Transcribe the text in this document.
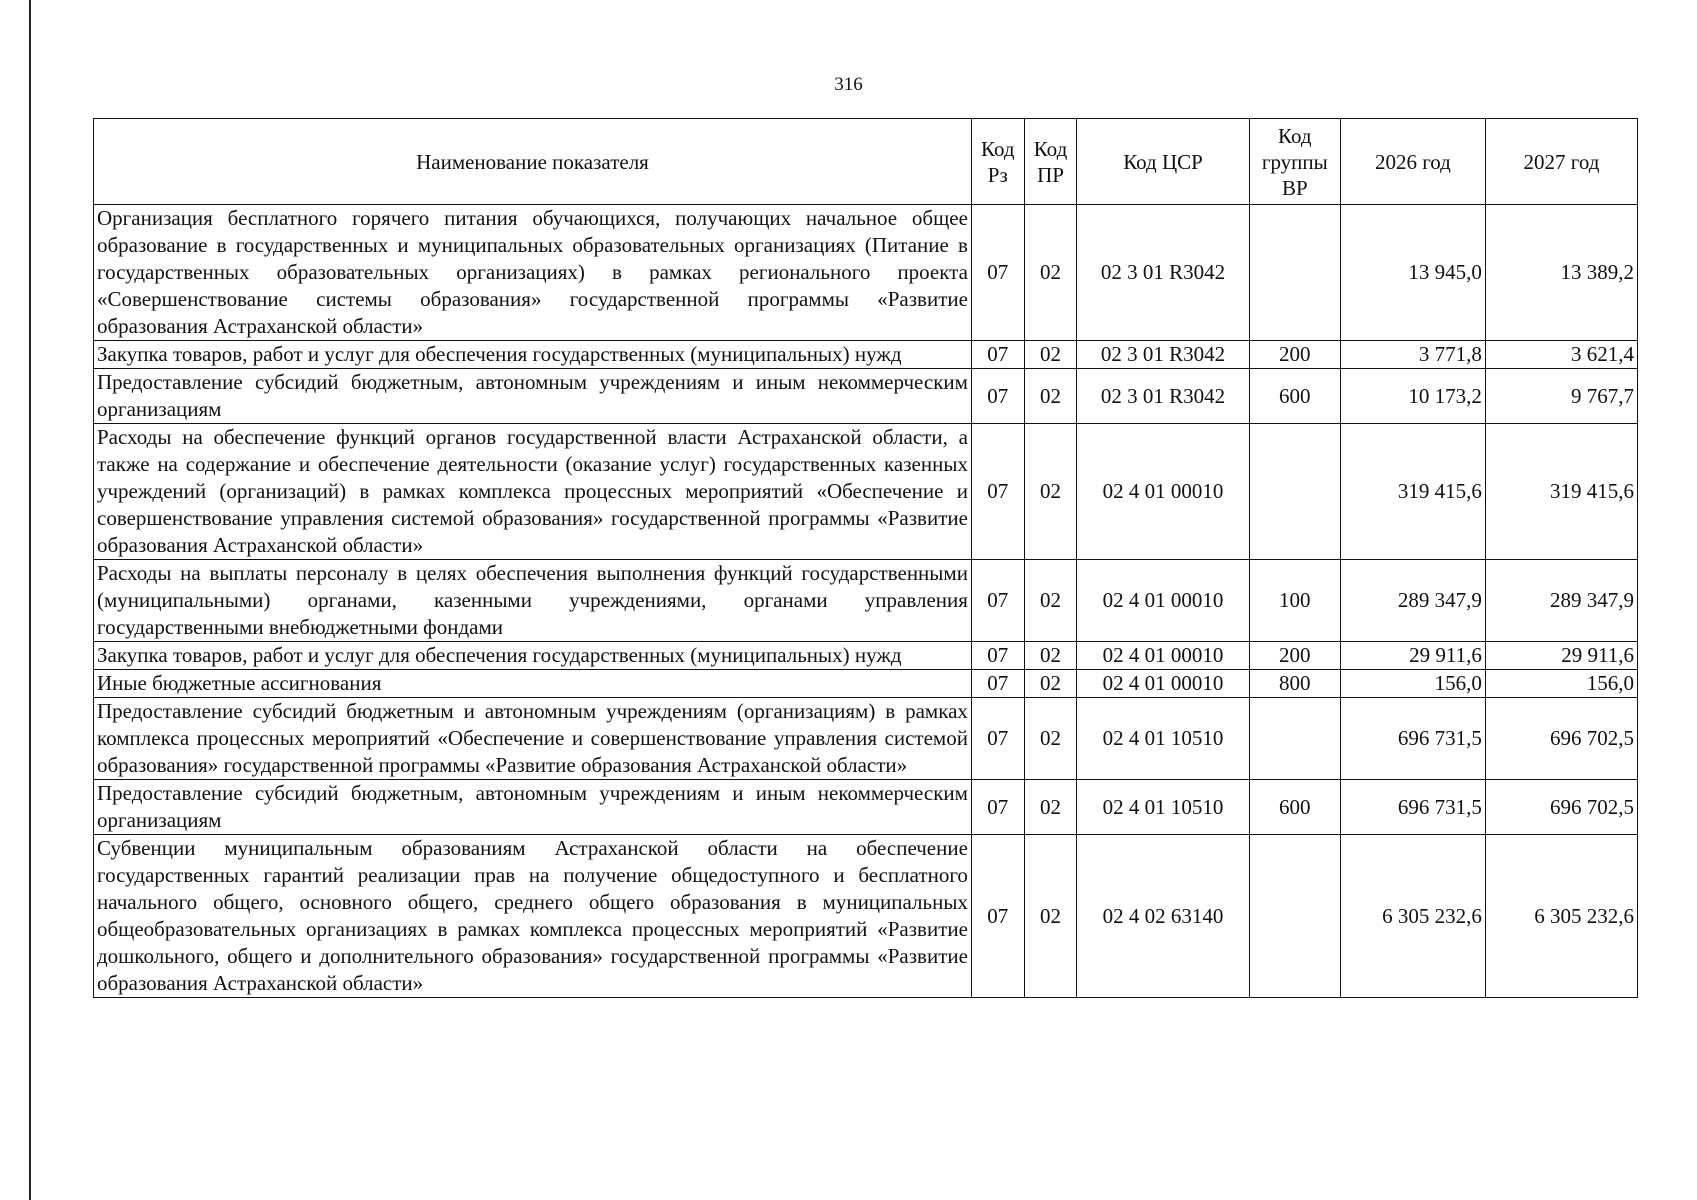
316
Наименование показателя	Код Рз	Код ПР	Код ЦСР	Код группы ВР	2026 год	2027 год
Организация бесплатного горячего питания обучающихся, получающих начальное общее образование в государственных и муниципальных образовательных организациях (Питание в государственных образовательных организациях) в рамках регионального проекта «Совершенствование системы образования» государственной программы «Развитие образования Астраханской области»	07	02	02 3 01 R3042		13 945,0	13 389,2
Закупка товаров, работ и услуг для обеспечения государственных (муниципальных) нужд	07	02	02 3 01 R3042	200	3 771,8	3 621,4
Предоставление субсидий бюджетным, автономным учреждениям и иным некоммерческим организациям	07	02	02 3 01 R3042	600	10 173,2	9 767,7
Расходы на обеспечение функций органов государственной власти Астраханской области, а также на содержание и обеспечение деятельности (оказание услуг) государственных казенных учреждений (организаций) в рамках комплекса процессных мероприятий «Обеспечение и совершенствование управления системой образования» государственной программы «Развитие образования Астраханской области»	07	02	02 4 01 00010		319 415,6	319 415,6
Расходы на выплаты персоналу в целях обеспечения выполнения функций государственными (муниципальными) органами, казенными учреждениями, органами управления государственными внебюджетными фондами	07	02	02 4 01 00010	100	289 347,9	289 347,9
Закупка товаров, работ и услуг для обеспечения государственных (муниципальных) нужд	07	02	02 4 01 00010	200	29 911,6	29 911,6
Иные бюджетные ассигнования	07	02	02 4 01 00010	800	156,0	156,0
Предоставление субсидий бюджетным и автономным учреждениям (организациям) в рамках комплекса процессных мероприятий «Обеспечение и совершенствование управления системой образования» государственной программы «Развитие образования Астраханской области»	07	02	02 4 01 10510		696 731,5	696 702,5
Предоставление субсидий бюджетным, автономным учреждениям и иным некоммерческим организациям	07	02	02 4 01 10510	600	696 731,5	696 702,5
Субвенции муниципальным образованиям Астраханской области на обеспечение государственных гарантий реализации прав на получение общедоступного и бесплатного начального общего, основного общего, среднего общего образования в муниципальных общеобразовательных организациях в рамках комплекса процессных мероприятий «Развитие дошкольного, общего и дополнительного образования» государственной программы «Развитие образования Астраханской области»	07	02	02 4 02 63140		6 305 232,6	6 305 232,6
